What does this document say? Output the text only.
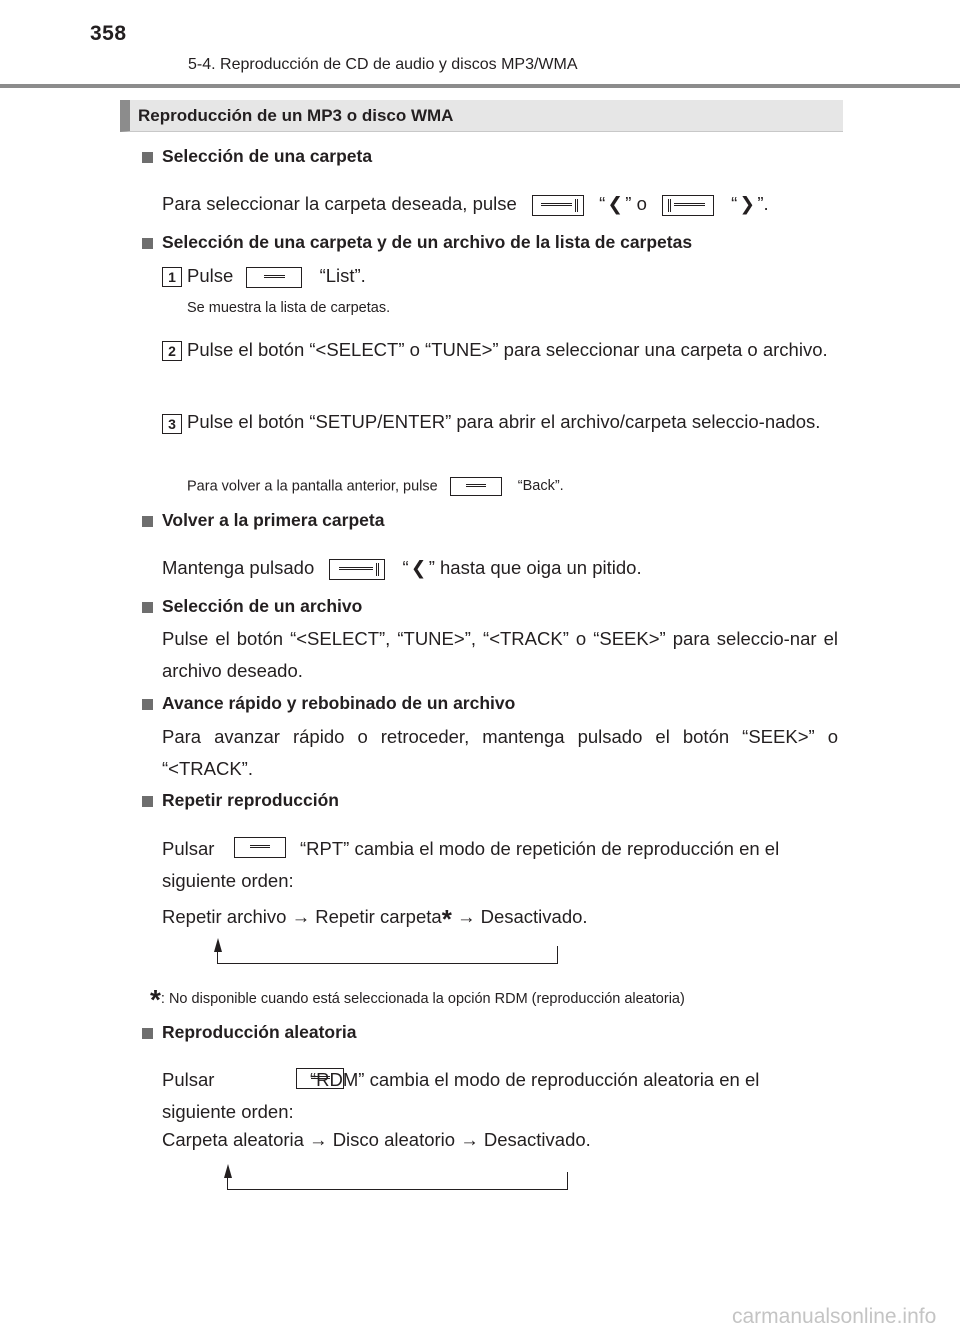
358
5-4. Reproducción de CD de audio y discos MP3/WMA
Reproducción de un MP3 o disco WMA
Selección de una carpeta
Para seleccionar la carpeta deseada, pulse	“ ❮ ” o	“ ❯ ”.
Selección de una carpeta y de un archivo de la lista de carpetas
1 Pulse	“List”.
Se muestra la lista de carpetas.
2 Pulse el botón “<SELECT” o “TUNE>” para seleccionar una carpeta o archivo.
3 Pulse el botón “SETUP/ENTER” para abrir el archivo/carpeta seleccio-nados.
Para volver a la pantalla anterior, pulse	“Back”.
Volver a la primera carpeta
Mantenga pulsado	“ ❮ ” hasta que oiga un pitido.
Selección de un archivo
Pulse el botón “<SELECT”, “TUNE>”, “<TRACK” o “SEEK>” para seleccio-nar el archivo deseado.
Avance rápido y rebobinado de un archivo
Para avanzar rápido o retroceder, mantenga pulsado el botón “SEEK>” o “<TRACK”.
Repetir reproducción
Pulsar
	“RPT” cambia el modo de repetición de reproducción en el
siguiente orden:
Repetir archivo → Repetir carpeta* → Desactivado.
*: No disponible cuando está seleccionada la opción RDM (reproducción aleatoria)
Reproducción aleatoria
Pulsar	“RDM” cambia el modo de reproducción aleatoria en el
siguiente orden:
Carpeta aleatoria → Disco aleatorio → Desactivado.
carmanualsonline.info
